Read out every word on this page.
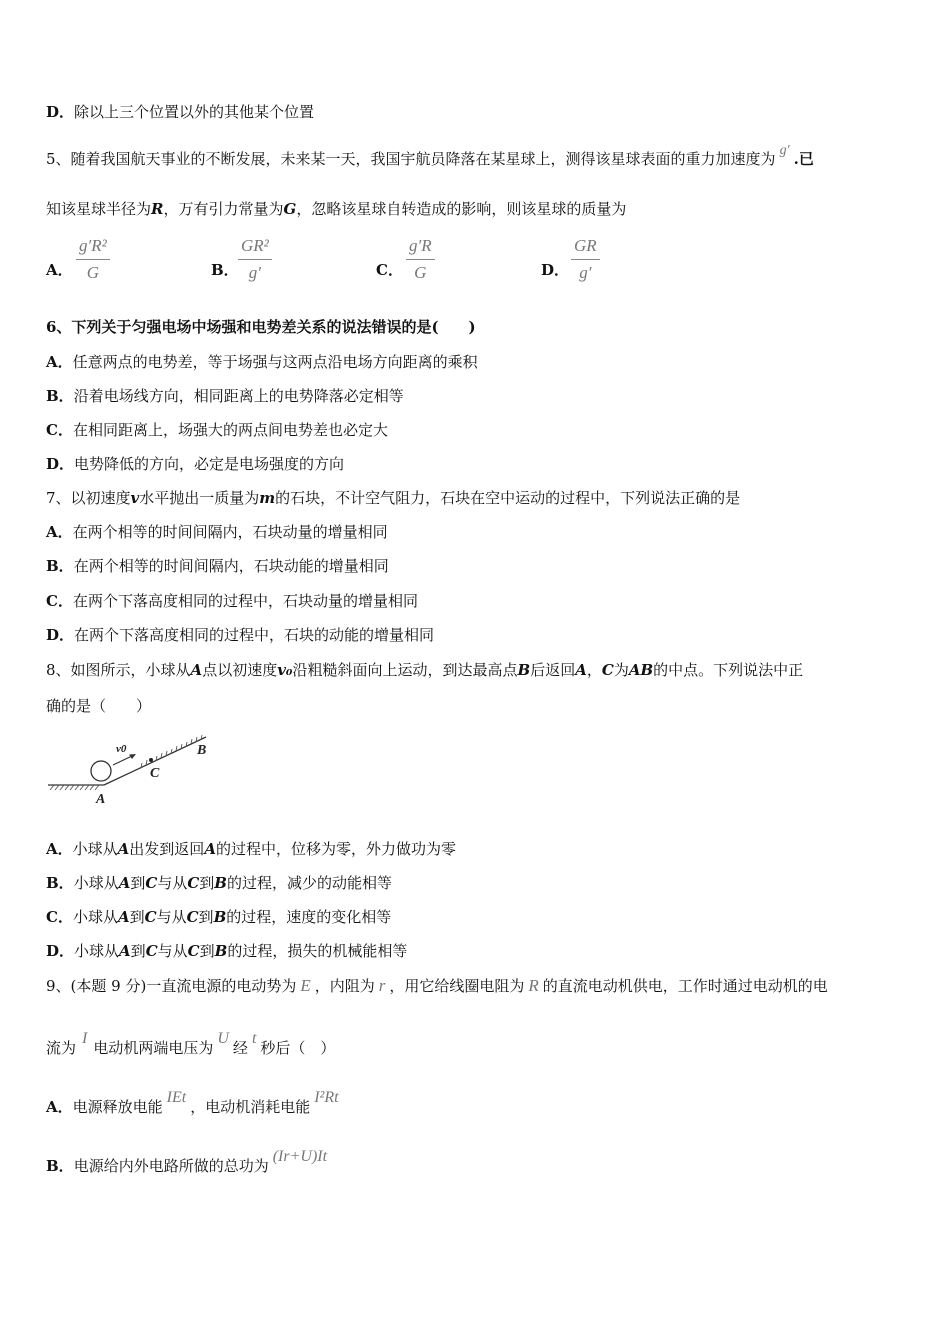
D．除以上三个位置以外的其他某个位置
5、随着我国航天事业的不断发展，未来某一天，我国宇航员降落在某星球上，测得该星球表面的重力加速度为 g′ .已
知该星球半径为R，万有引力常量为G，忽略该星球自转造成的影响，则该星球的质量为
A． $\frac{\text{g′R²}}{G}$	B． $\frac{\text{GR²}}{g'}$	C． $\frac{g'R}{G}$	D． $\frac{GR}{g'}$
6、下列关于匀强电场中场强和电势差关系的说法错误的是(　　)
A．任意两点的电势差，等于场强与这两点沿电场方向距离的乘积
B．沿着电场线方向，相同距离上的电势降落必定相等
C．在相同距离上，场强大的两点间电势差也必定大
D．电势降低的方向，必定是电场强度的方向
7、以初速度v水平抛出一质量为m的石块，不计空气阻力，石块在空中运动的过程中，下列说法正确的是
A．在两个相等的时间间隔内，石块动量的增量相同
B．在两个相等的时间间隔内，石块动能的增量相同
C．在两个下落高度相同的过程中，石块动量的增量相同
D．在两个下落高度相同的过程中，石块的动能的增量相同
8、如图所示，小球从A点以初速度v₀沿粗糙斜面向上运动，到达最高点B后返回A，C为AB的中点。下列说法中正
确的是（　　）
v0
C
B
A
A．小球从A出发到返回A的过程中，位移为零，外力做功为零
B．小球从A到C与从C到B的过程，减少的动能相等
C．小球从A到C与从C到B的过程，速度的变化相等
D．小球从A到C与从C到B的过程，损失的机械能相等
9、(本题 9 分)一直流电源的电动势为 E ，内阻为 r ，用它给线圈电阻为 R 的直流电动机供电，工作时通过电动机的电
流为I电动机两端电压为U经t秒后（　）
A．电源释放电能IEt，电动机消耗电能I²Rt
B．电源给内外电路所做的总功为(Ir+U)It
